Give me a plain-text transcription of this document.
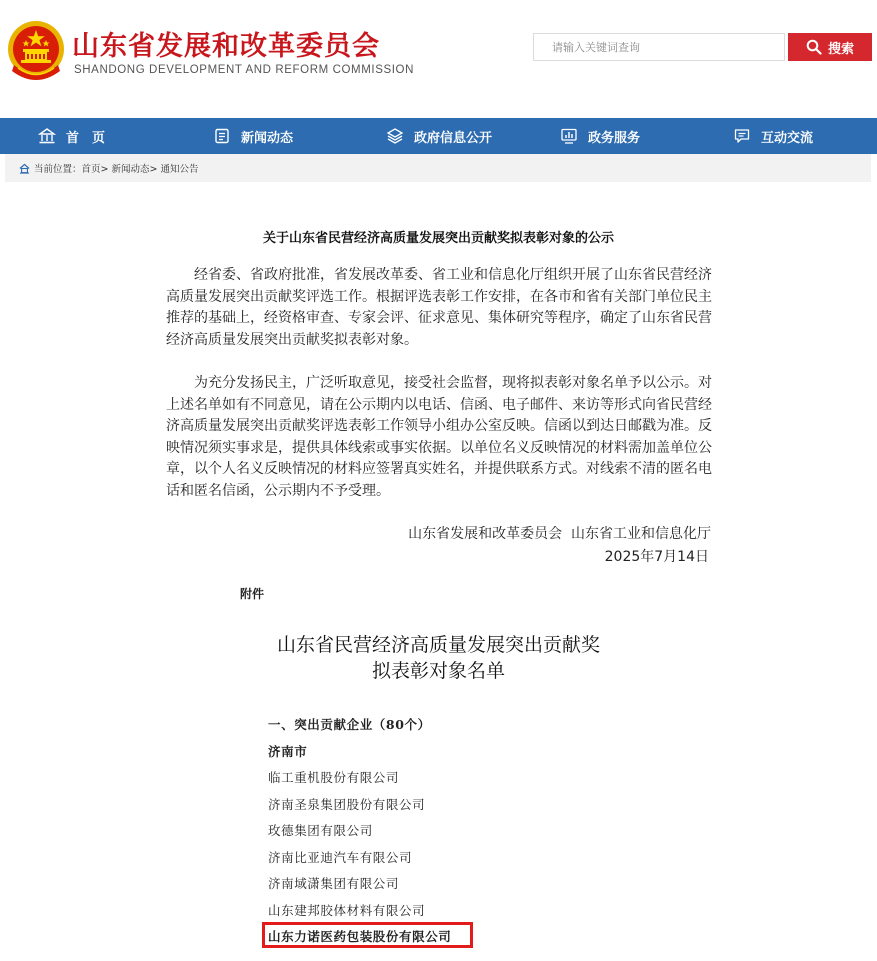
山东省发展和改革委员会
SHANDONG DEVELOPMENT AND REFORM COMMISSION
请输入关键词查询
搜索
首　页	新闻动态	政府信息公开	政务服务	互动交流
当前位置： 首页> 新闻动态> 通知公告
关于山东省民营经济高质量发展突出贡献奖拟表彰对象的公示

经省委、省政府批准，省发展改革委、省工业和信息化厅组织开展了山东省民营经济高质量发展突出贡献奖评选工作。根据评选表彰工作安排，在各市和省有关部门单位民主推荐的基础上，经资格审查、专家会评、征求意见、集体研究等程序，确定了山东省民营经济高质量发展突出贡献奖拟表彰对象。

为充分发扬民主，广泛听取意见，接受社会监督，现将拟表彰对象名单予以公示。对上述名单如有不同意见，请在公示期内以电话、信函、电子邮件、来访等形式向省民营经济高质量发展突出贡献奖评选表彰工作领导小组办公室反映。信函以到达日邮戳为准。反映情况须实事求是，提供具体线索或事实依据。以单位名义反映情况的材料需加盖单位公章，以个人名义反映情况的材料应签署真实姓名，并提供联系方式。对线索不清的匿名电话和匿名信函，公示期内不予受理。

山东省发展和改革委员会  山东省工业和信息化厅
2025年7月14日
附件
山东省民营经济高质量发展突出贡献奖
拟表彰对象名单
一、突出贡献企业（80个）
济南市
临工重机股份有限公司
济南圣泉集团股份有限公司
玫德集团有限公司
济南比亚迪汽车有限公司
济南域潇集团有限公司
山东建邦胶体材料有限公司
山东力诺医药包装股份有限公司
